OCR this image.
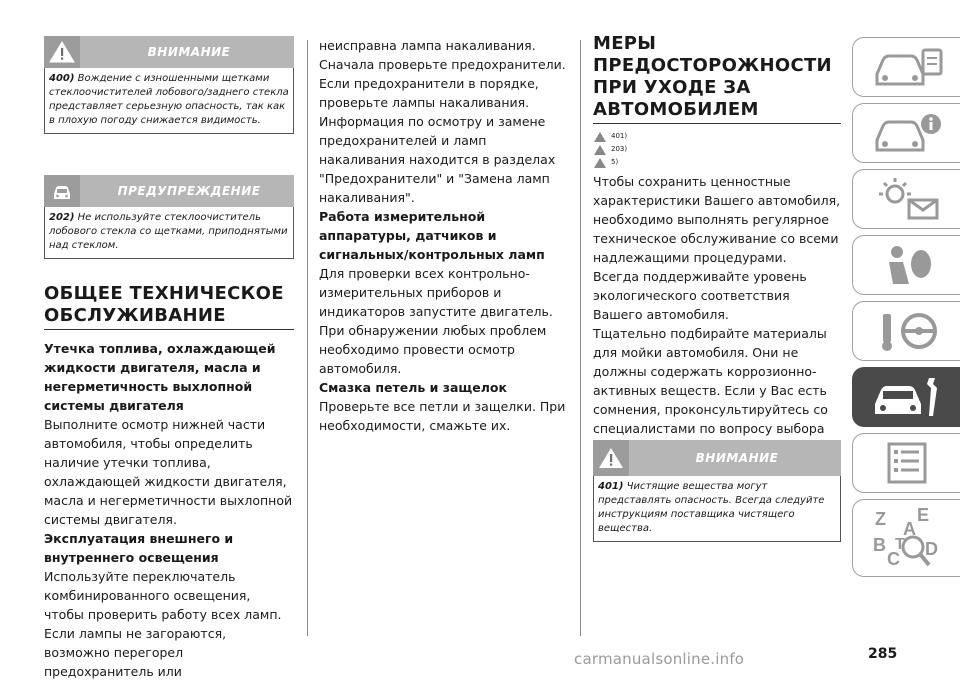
ВНИМАНИЕ
400) Вождение с изношенными щетками стеклоочистителей лобового/заднего стекла представляет серьезную опасность, так как в плохую погоду снижается видимость.
ПРЕДУПРЕЖДЕНИЕ
202) Не используйте стеклоочиститель лобового стекла со щетками, приподнятыми над стеклом.

ОБЩЕЕ ТЕХНИЧЕСКОЕ ОБСЛУЖИВАНИЕ

Утечка топлива, охлаждающей жидкости двигателя, масла и негерметичность выхлопной системы двигателя

Выполните осмотр нижней части автомобиля, чтобы определить наличие утечки топлива, охлаждающей жидкости двигателя, масла и негерметичности выхлопной системы двигателя.

Эксплуатация внешнего и внутреннего освещения

Используйте переключатель комбинированного освещения, чтобы проверить работу всех ламп. Если лампы не загораются, возможно перегорел предохранитель или

неисправна лампа накаливания. Сначала проверьте предохранители. Если предохранители в порядке, проверьте лампы накаливания. Информация по осмотру и замене предохранителей и ламп накаливания находится в разделах "Предохранители" и "Замена ламп накаливания".

Работа измерительной аппаратуры, датчиков и сигнальных/контрольных ламп

Для проверки всех контрольно-измерительных приборов и индикаторов запустите двигатель. При обнаружении любых проблем необходимо провести осмотр автомобиля.

Смазка петель и защелок

Проверьте все петли и защелки. При необходимости, смажьте их.

МЕРЫ ПРЕДОСТОРОЖНОСТИ ПРИ УХОДЕ ЗА АВТОМОБИЛЕМ

401)
203)
5)

Чтобы сохранить ценностные характеристики Вашего автомобиля, необходимо выполнять регулярное техническое обслуживание со всеми надлежащими процедурами.

Всегда поддерживайте уровень экологического соответствия Вашего автомобиля.

Тщательно подбирайте материалы для мойки автомобиля. Они не должны содержать коррозионно-активных веществ. Если у Вас есть сомнения, проконсультируйтесь со специалистами по вопросу выбора

ВНИМАНИЕ
401) Чистящие вещества могут представлять опасность. Всегда следуйте инструкциям поставщика чистящего вещества.	Z E
A
B
C D
T
285
carmanualsonline.info
